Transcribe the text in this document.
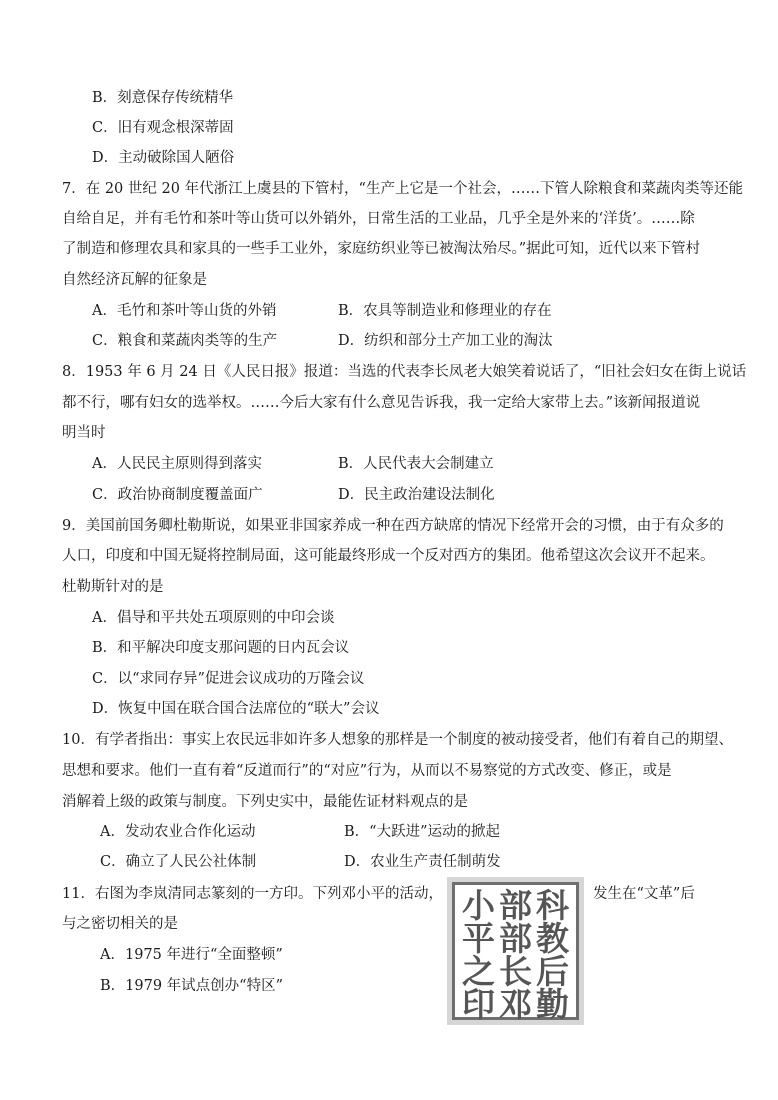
B．刻意保存传统精华
C．旧有观念根深蒂固
D．主动破除国人陋俗
7．在 20 世纪 20 年代浙江上虞县的下管村，“生产上它是一个社会，……下管人除粮食和菜蔬肉类等还能
自给自足，并有毛竹和茶叶等山货可以外销外，日常生活的工业品，几乎全是外来的‘洋货’。……除
了制造和修理农具和家具的一些手工业外，家庭纺织业等已被淘汰殆尽。”据此可知，近代以来下管村
自然经济瓦解的征象是
A．毛竹和茶叶等山货的外销	B．农具等制造业和修理业的存在
C．粮食和菜蔬肉类等的生产	D．纺织和部分土产加工业的淘汰
8．1953 年 6 月 24 日《人民日报》报道：当选的代表李长凤老大娘笑着说话了，“旧社会妇女在街上说话
都不行，哪有妇女的选举权。……今后大家有什么意见告诉我，我一定给大家带上去。”该新闻报道说
明当时
A．人民民主原则得到落实	B．人民代表大会制建立
C．政治协商制度覆盖面广	D．民主政治建设法制化
9．美国前国务卿杜勒斯说，如果亚非国家养成一种在西方缺席的情况下经常开会的习惯，由于有众多的
人口，印度和中国无疑将控制局面，这可能最终形成一个反对西方的集团。他希望这次会议开不起来。
杜勒斯针对的是
A．倡导和平共处五项原则的中印会谈
B．和平解决印度支那问题的日内瓦会议
C．以“求同存异”促进会议成功的万隆会议
D．恢复中国在联合国合法席位的“联大”会议
10．有学者指出：事实上农民远非如许多人想象的那样是一个制度的被动接受者，他们有着自己的期望、
思想和要求。他们一直有着“反道而行”的“对应”行为，从而以不易察觉的方式改变、修正，或是
消解着上级的政策与制度。下列史实中，最能佐证材料观点的是
A．发动农业合作化运动	B．“大跃进”运动的掀起
C．确立了人民公社体制	D．农业生产责任制萌发
11．右图为李岚清同志篆刻的一方印。下列邓小平的活动，	发生在“文革”后
与之密切相关的是
A．1975 年进行“全面整顿”
B．1979 年试点创办“特区”
小 部 科
平 部 教
之 长 后
印 邓 勤
